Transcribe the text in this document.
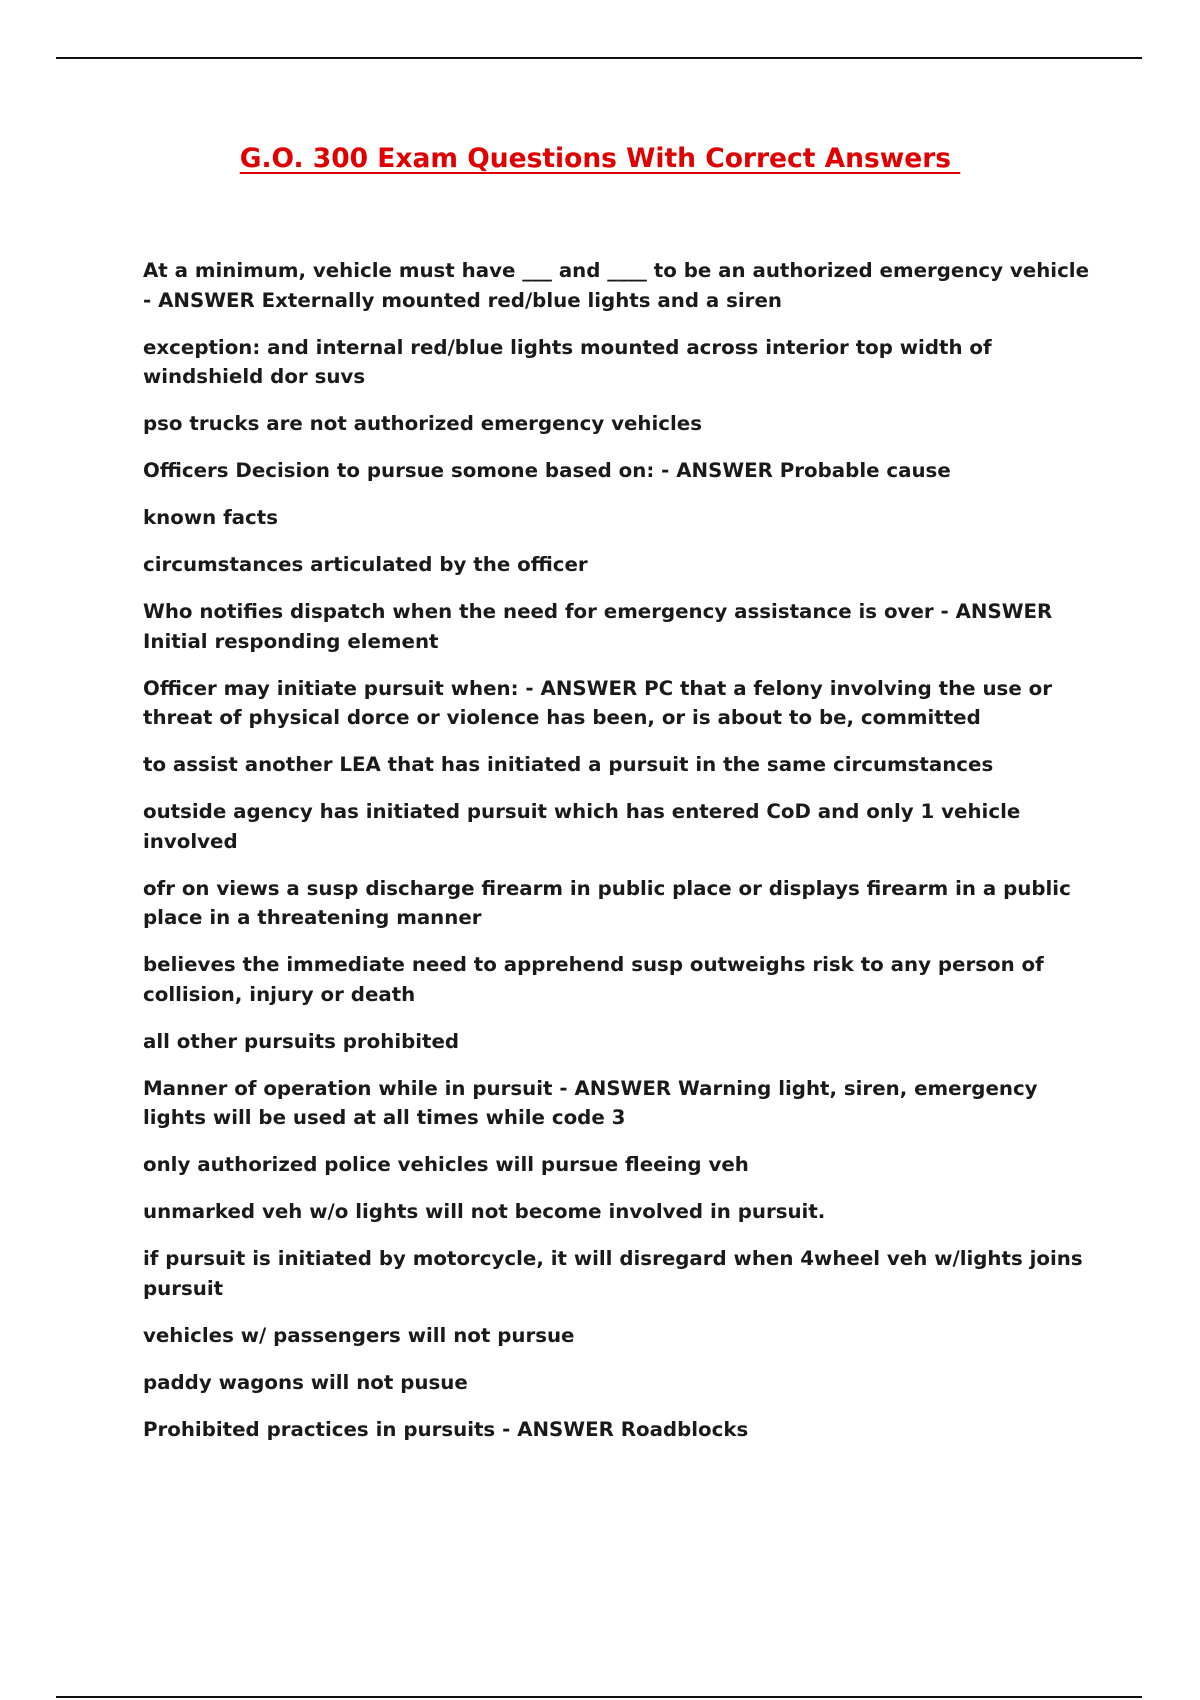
G.O. 300 Exam Questions With Correct Answers

At a minimum, vehicle must have ___ and ____ to be an authorized emergency vehicle - ANSWER Externally mounted red/blue lights and a siren

exception: and internal red/blue lights mounted across interior top width of windshield dor suvs

pso trucks are not authorized emergency vehicles

Officers Decision to pursue somone based on: - ANSWER Probable cause

known facts

circumstances articulated by the officer

Who notifies dispatch when the need for emergency assistance is over - ANSWER Initial responding element

Officer may initiate pursuit when: - ANSWER PC that a felony involving the use or threat of physical dorce or violence has been, or is about to be, committed

to assist another LEA that has initiated a pursuit in the same circumstances

outside agency has initiated pursuit which has entered CoD and only 1 vehicle involved

ofr on views a susp discharge firearm in public place or displays firearm in a public place in a threatening manner

believes the immediate need to apprehend susp outweighs risk to any person of collision, injury or death

all other pursuits prohibited

Manner of operation while in pursuit - ANSWER Warning light, siren, emergency lights will be used at all times while code 3

only authorized police vehicles will pursue fleeing veh

unmarked veh w/o lights will not become involved in pursuit.

if pursuit is initiated by motorcycle, it will disregard when 4wheel veh w/lights joins pursuit

vehicles w/ passengers will not pursue

paddy wagons will not pusue

Prohibited practices in pursuits - ANSWER Roadblocks
